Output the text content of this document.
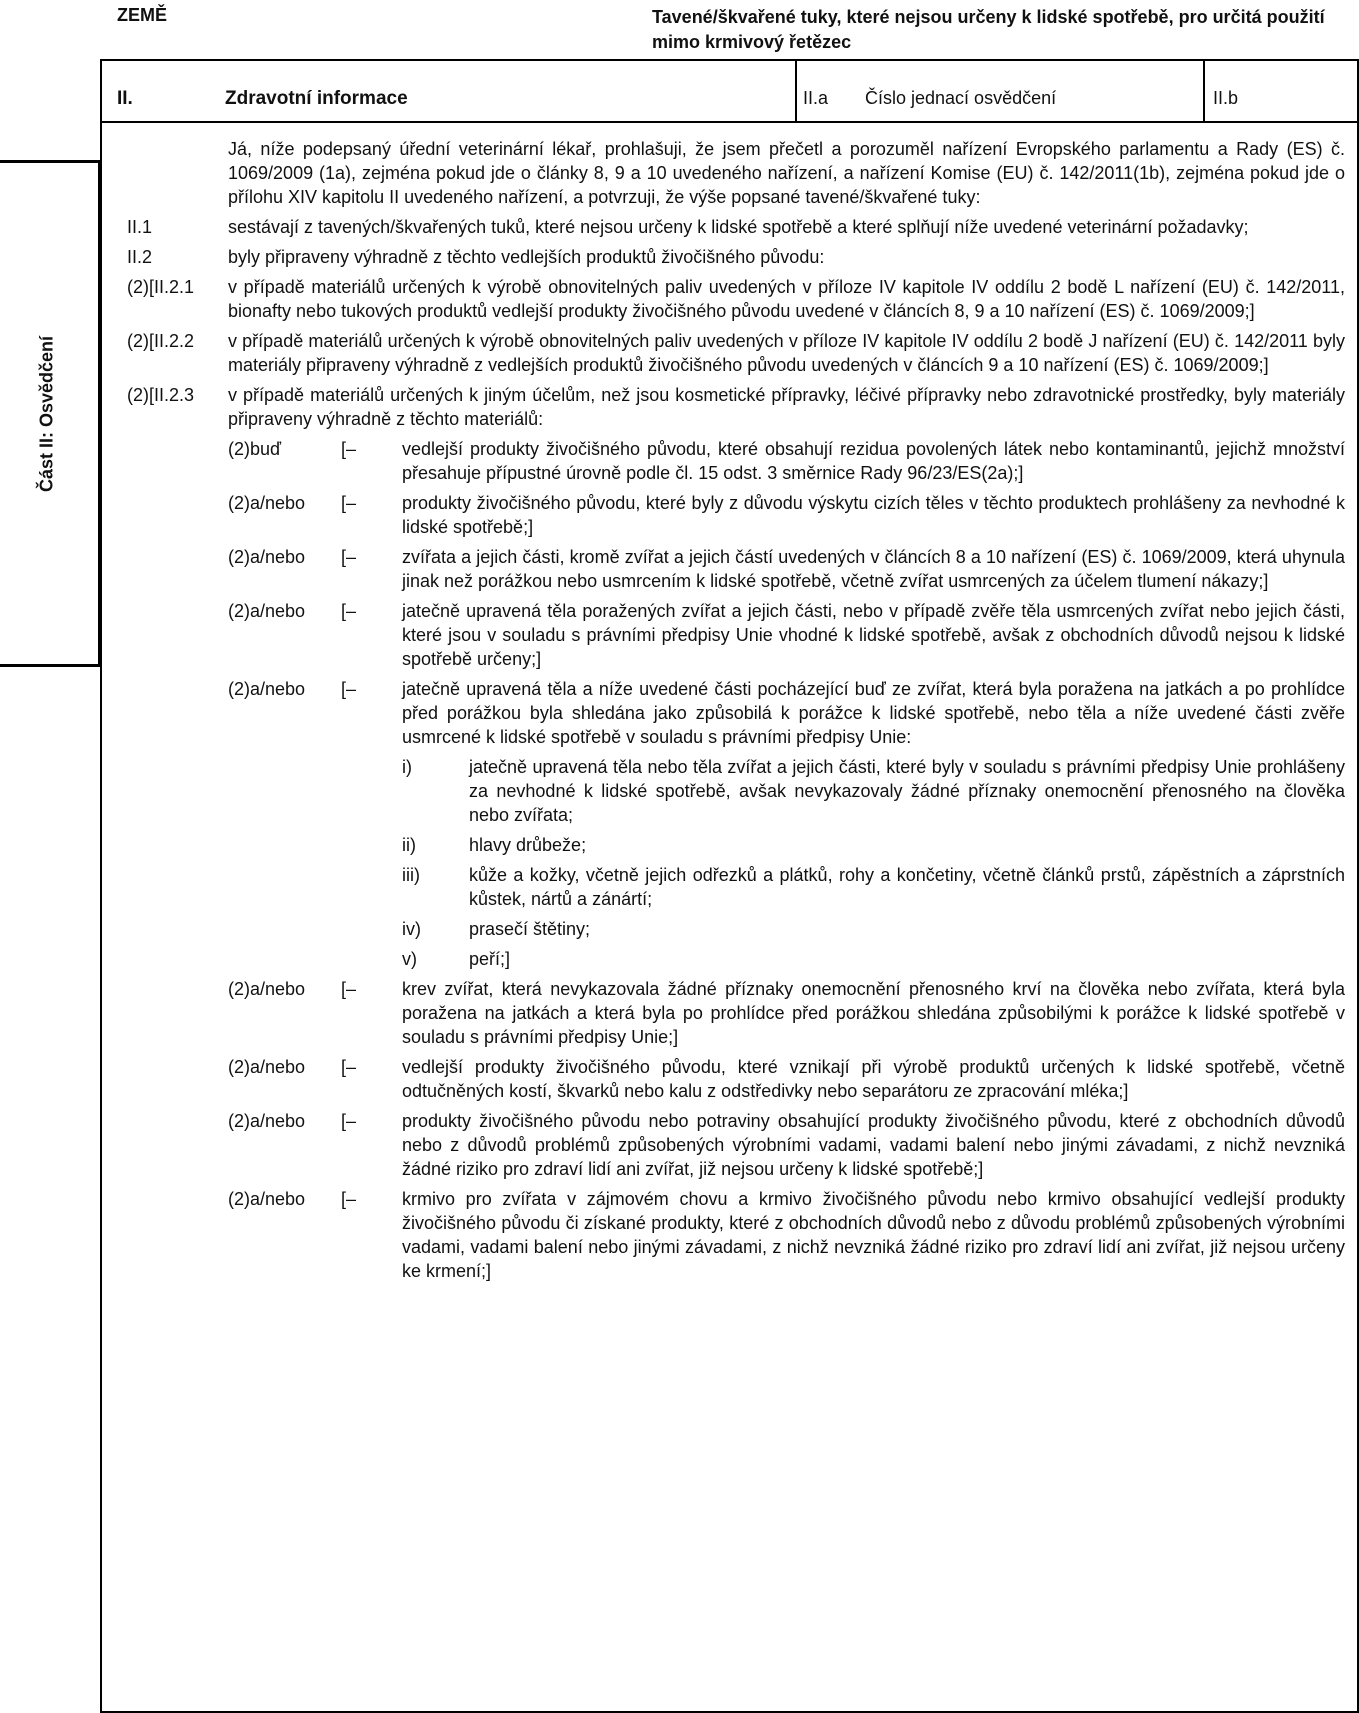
ZEMĚ	Tavené/škvařené tuky, které nejsou určeny k lidské spotřebě, pro určitá použití mimo krmivový řetězec
II.	Zdravotní informace	II.a Číslo jednací osvědčení	II.b
Část II: Osvědčení
Já, níže podepsaný úřední veterinární lékař, prohlašuji, že jsem přečetl a porozuměl nařízení Evropského parlamentu a Rady (ES) č. 1069/2009 (1a), zejména pokud jde o články 8, 9 a 10 uvedeného nařízení, a nařízení Komise (EU) č. 142/2011(1b), zejména pokud jde o přílohu XIV kapitolu II uvedeného nařízení, a potvrzuji, že výše popsané tavené/škvařené tuky:
II.1	sestávají z tavených/škvařených tuků, které nejsou určeny k lidské spotřebě a které splňují níže uvedené veterinární požadavky;
II.2	byly připraveny výhradně z těchto vedlejších produktů živočišného původu:
(2)[II.2.1	v případě materiálů určených k výrobě obnovitelných paliv uvedených v příloze IV kapitole IV oddílu 2 bodě L nařízení (EU) č. 142/2011, bionafty nebo tukových produktů vedlejší produkty živočišného původu uvedené v článcích 8, 9 a 10 nařízení (ES) č. 1069/2009;]
(2)[II.2.2	v případě materiálů určených k výrobě obnovitelných paliv uvedených v příloze IV kapitole IV oddílu 2 bodě J nařízení (EU) č. 142/2011 byly materiály připraveny výhradně z vedlejších produktů živočišného původu uvedených v článcích 9 a 10 nařízení (ES) č. 1069/2009;]
(2)[II.2.3	v případě materiálů určených k jiným účelům, než jsou kosmetické přípravky, léčivé přípravky nebo zdravotnické prostředky, byly materiály připraveny výhradně z těchto materiálů:
(2)buď	[–	vedlejší produkty živočišného původu, které obsahují rezidua povolených látek nebo kontaminantů, jejichž množství přesahuje přípustné úrovně podle čl. 15 odst. 3 směrnice Rady 96/23/ES(2a);]
(2)a/nebo	[–	produkty živočišného původu, které byly z důvodu výskytu cizích těles v těchto produktech prohlášeny za nevhodné k lidské spotřebě;]
(2)a/nebo	[–	zvířata a jejich části, kromě zvířat a jejich částí uvedených v článcích 8 a 10 nařízení (ES) č. 1069/2009, která uhynula jinak než porážkou nebo usmrcením k lidské spotřebě, včetně zvířat usmrcených za účelem tlumení nákazy;]
(2)a/nebo	[–	jatečně upravená těla poražených zvířat a jejich části, nebo v případě zvěře těla usmrcených zvířat nebo jejich části, které jsou v souladu s právními předpisy Unie vhodné k lidské spotřebě, avšak z obchodních důvodů nejsou k lidské spotřebě určeny;]
(2)a/nebo	[–	jatečně upravená těla a níže uvedené části pocházející buď ze zvířat, která byla poražena na jatkách a po prohlídce před porážkou byla shledána jako způsobilá k porážce k lidské spotřebě, nebo těla a níže uvedené části zvěře usmrcené k lidské spotřebě v souladu s právními předpisy Unie:
i)	jatečně upravená těla nebo těla zvířat a jejich části, které byly v souladu s právními předpisy Unie prohlášeny za nevhodné k lidské spotřebě, avšak nevykazovaly žádné příznaky onemocnění přenosného na člověka nebo zvířata;
ii)	hlavy drůbeže;
iii)	kůže a kožky, včetně jejich odřezků a plátků, rohy a končetiny, včetně článků prstů, zápěstních a záprstních kůstek, nártů a zánártí;
iv)	prasečí štětiny;
v)	peří;]
(2)a/nebo	[–	krev zvířat, která nevykazovala žádné příznaky onemocnění přenosného krví na člověka nebo zvířata, která byla poražena na jatkách a která byla po prohlídce před porážkou shledána způsobilými k porážce k lidské spotřebě v souladu s právními předpisy Unie;]
(2)a/nebo	[–	vedlejší produkty živočišného původu, které vznikají při výrobě produktů určených k lidské spotřebě, včetně odtučněných kostí, škvarků nebo kalu z odstředivky nebo separátoru ze zpracování mléka;]
(2)a/nebo	[–	produkty živočišného původu nebo potraviny obsahující produkty živočišného původu, které z obchodních důvodů nebo z důvodů problémů způsobených výrobními vadami, vadami balení nebo jinými závadami, z nichž nevzniká žádné riziko pro zdraví lidí ani zvířat, již nejsou určeny k lidské spotřebě;]
(2)a/nebo	[–	krmivo pro zvířata v zájmovém chovu a krmivo živočišného původu nebo krmivo obsahující vedlejší produkty živočišného původu či získané produkty, které z obchodních důvodů nebo z důvodu problémů způsobených výrobními vadami, vadami balení nebo jinými závadami, z nichž nevzniká žádné riziko pro zdraví lidí ani zvířat, již nejsou určeny ke krmení;]
